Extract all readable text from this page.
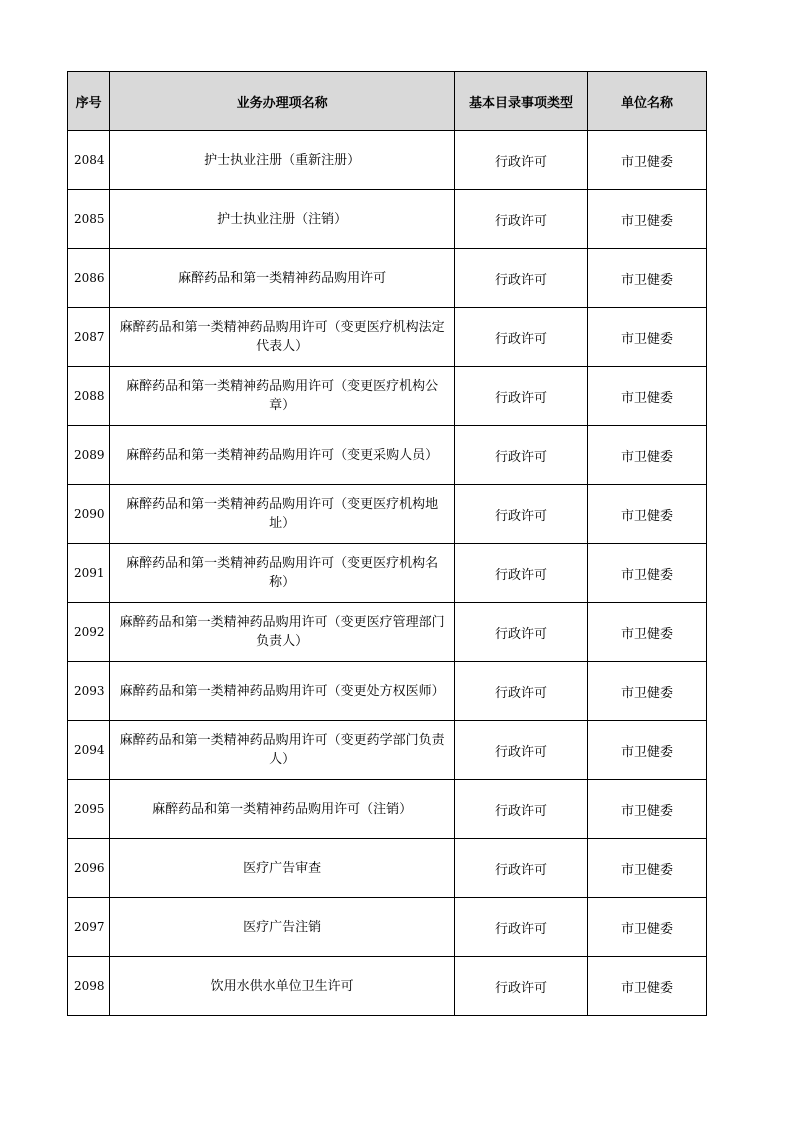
序号	业务办理项名称	基本目录事项类型	单位名称
2084	护士执业注册（重新注册）	行政许可	市卫健委
2085	护士执业注册（注销）	行政许可	市卫健委
2086	麻醉药品和第一类精神药品购用许可	行政许可	市卫健委
2087	麻醉药品和第一类精神药品购用许可（变更医疗机构法定代表人）	行政许可	市卫健委
2088	麻醉药品和第一类精神药品购用许可（变更医疗机构公章）	行政许可	市卫健委
2089	麻醉药品和第一类精神药品购用许可（变更采购人员）	行政许可	市卫健委
2090	麻醉药品和第一类精神药品购用许可（变更医疗机构地址）	行政许可	市卫健委
2091	麻醉药品和第一类精神药品购用许可（变更医疗机构名称）	行政许可	市卫健委
2092	麻醉药品和第一类精神药品购用许可（变更医疗管理部门负责人）	行政许可	市卫健委
2093	麻醉药品和第一类精神药品购用许可（变更处方权医师）	行政许可	市卫健委
2094	麻醉药品和第一类精神药品购用许可（变更药学部门负责人）	行政许可	市卫健委
2095	麻醉药品和第一类精神药品购用许可（注销）	行政许可	市卫健委
2096	医疗广告审查	行政许可	市卫健委
2097	医疗广告注销	行政许可	市卫健委
2098	饮用水供水单位卫生许可	行政许可	市卫健委
